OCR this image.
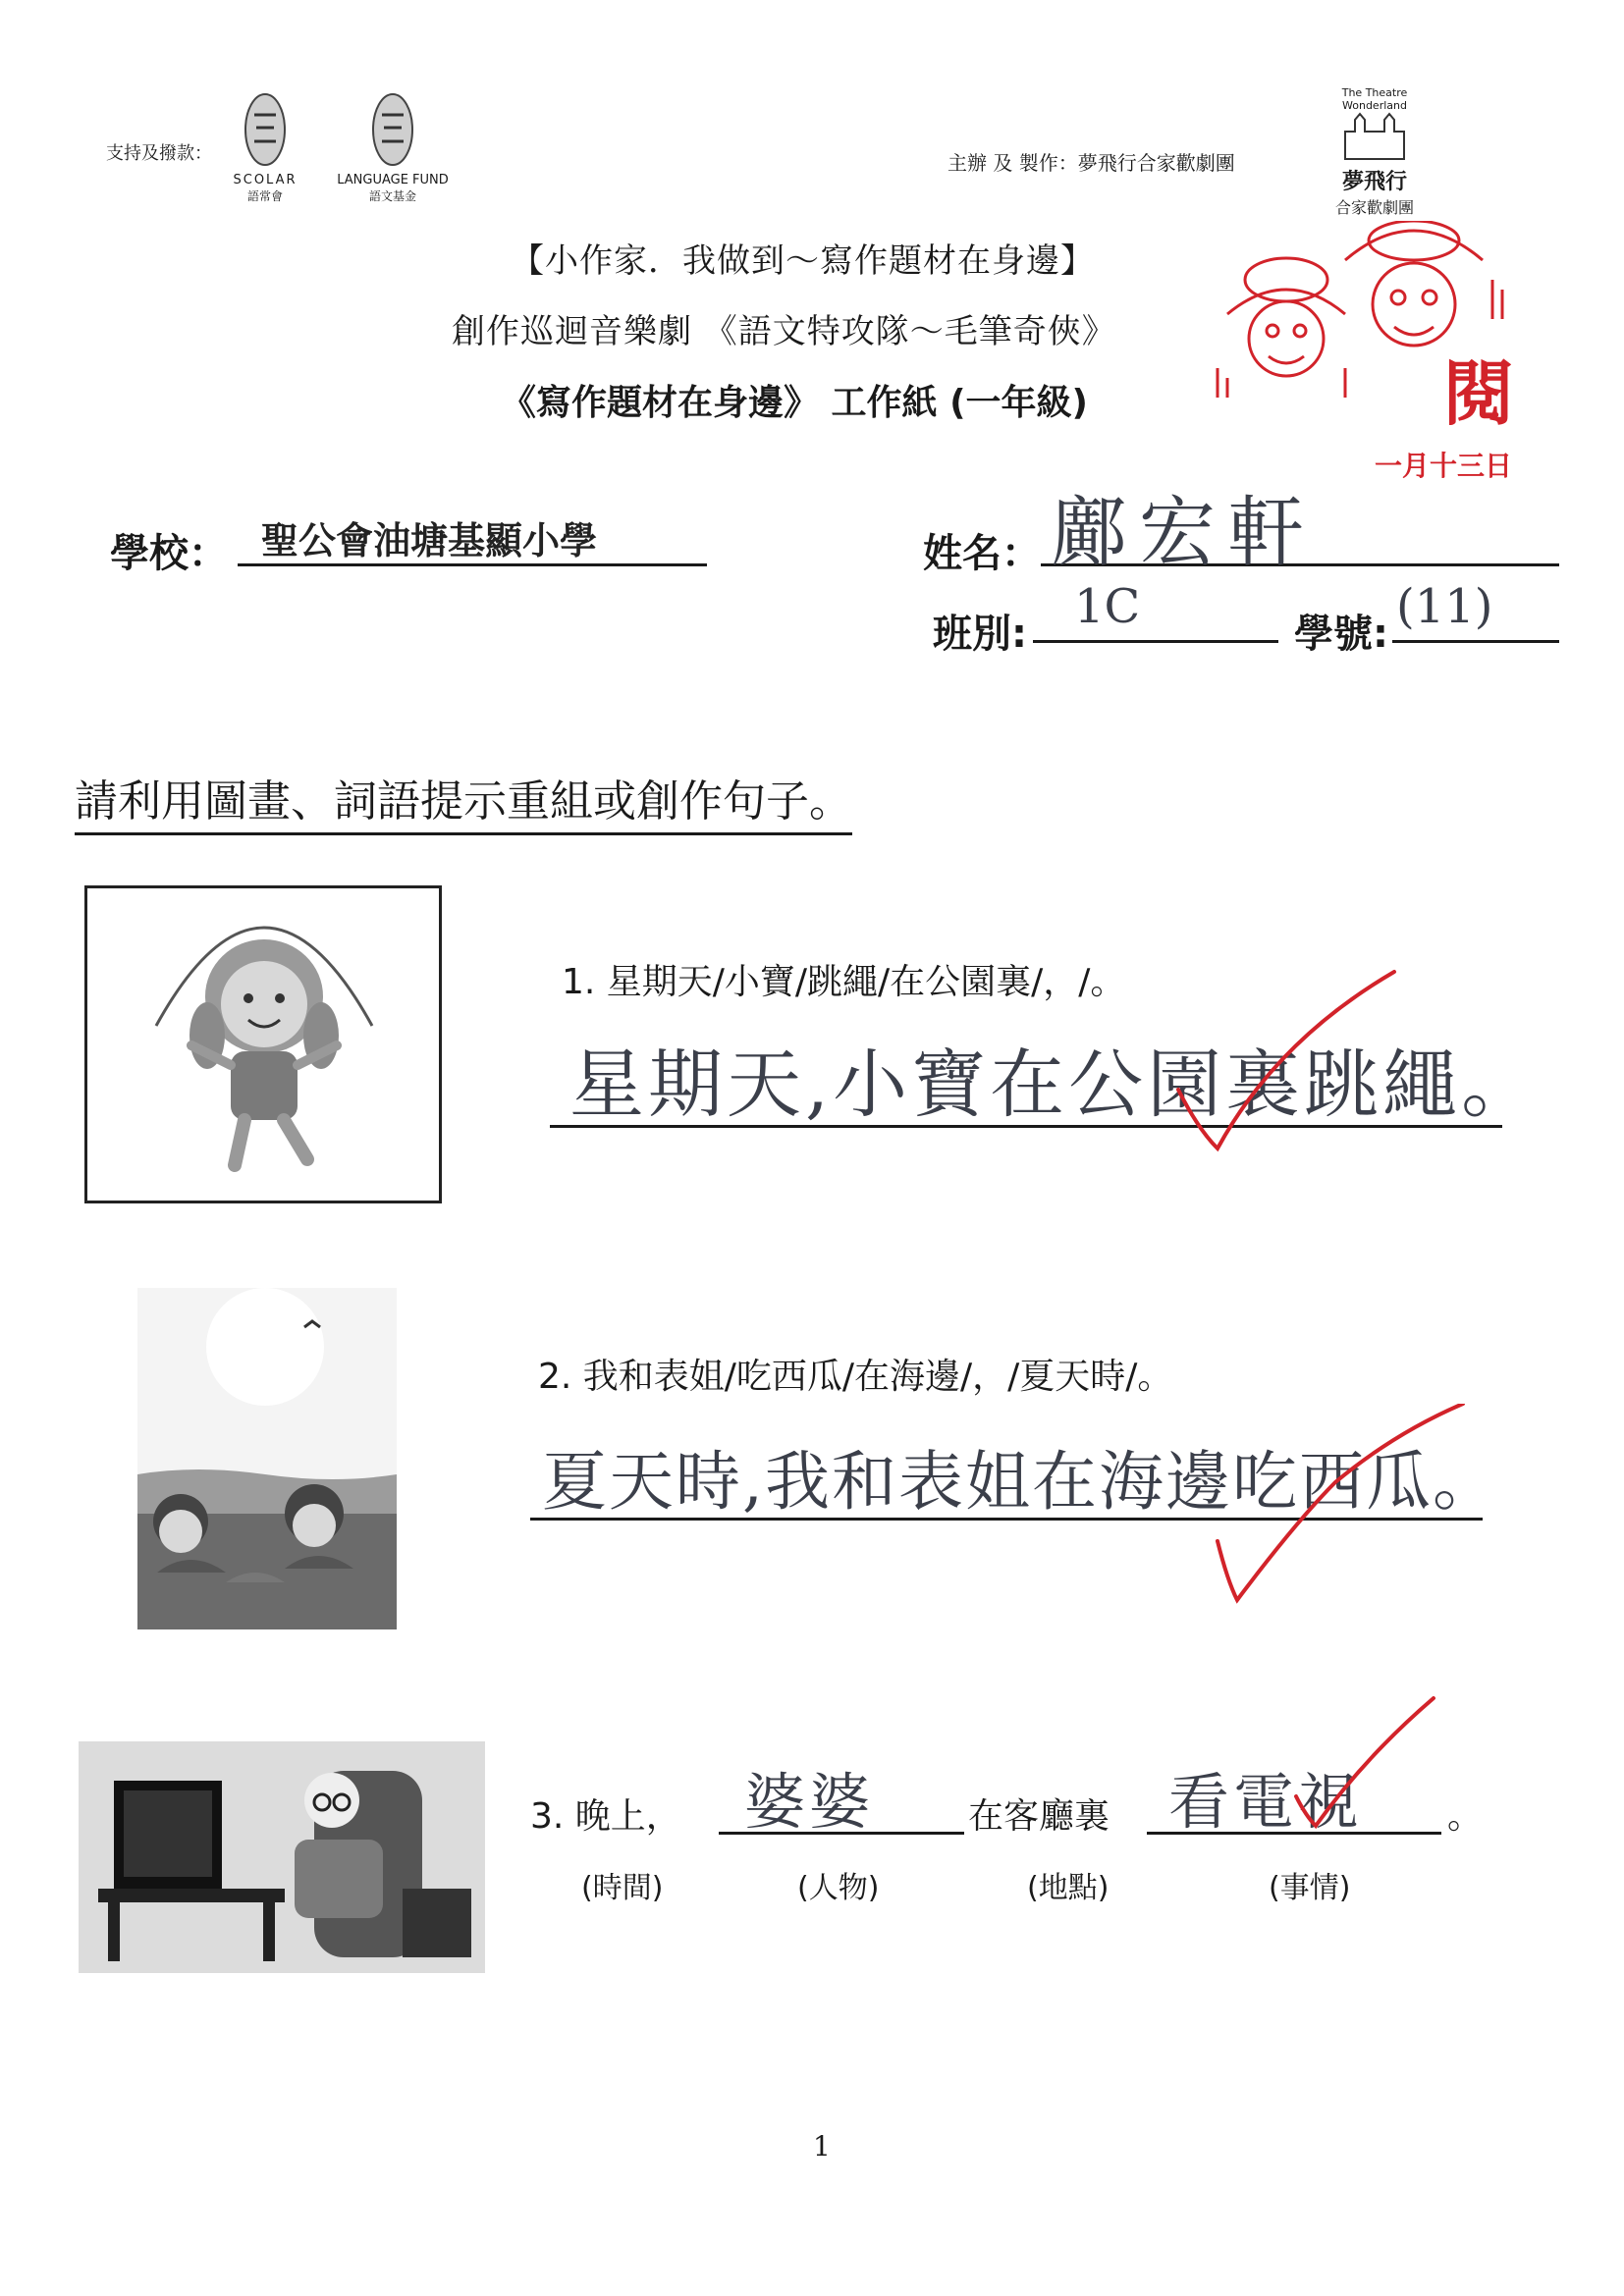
支持及撥款：
SCOLAR
語常會
LANGUAGE FUND
語文基金
主辦 及 製作：夢飛行合家歡劇團
The Theatre Wonderland
夢飛行
合家歡劇團
閱
一月十三日
【小作家．我做到～寫作題材在身邊】
創作巡迴音樂劇 《語文特攻隊～毛筆奇俠》
《寫作題材在身邊》 工作紙 (一年級)
學校： 聖公會油塘基顯小學	姓名： 鄺宏軒
班別: 1C	學號: (11)
請利用圖畫、詞語提示重組或創作句子。
1. 星期天/小寶/跳繩/在公園裏/，/。
星期天,小寶在公園裏跳繩。
2. 我和表姐/吃西瓜/在海邊/，/夏天時/。
夏天時,我和表姐在海邊吃西瓜。
3. 晚上， 婆婆	在客廳裏 看電視 。
(時間)	(人物)	(地點)	(事情)
1
